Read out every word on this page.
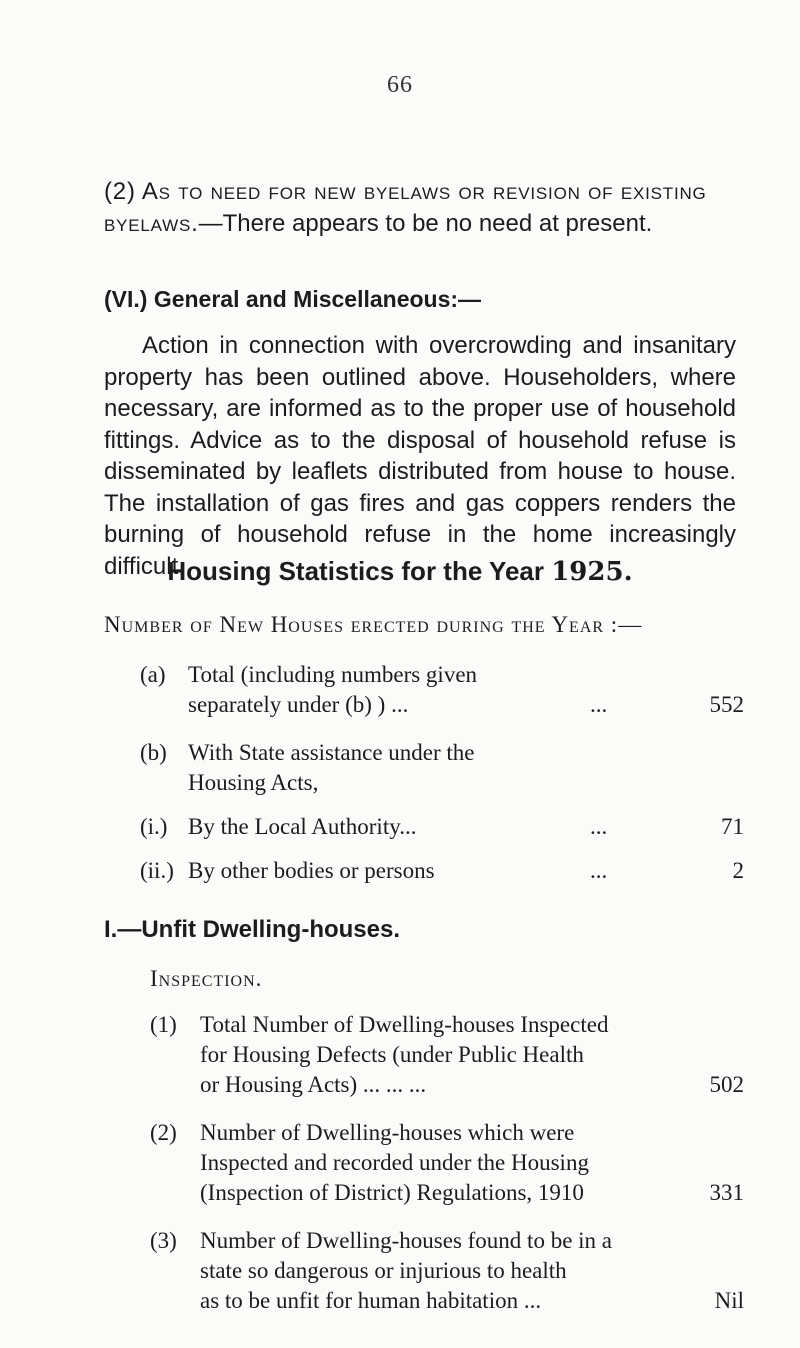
66
(2) As to need for new byelaws or revision of existing byelaws.—There appears to be no need at present.
(VI.) General and Miscellaneous:—
Action in connection with overcrowding and insanitary property has been outlined above. Householders, where necessary, are informed as to the proper use of household fittings. Advice as to the disposal of household refuse is disseminated by leaflets distributed from house to house. The installation of gas fires and gas coppers renders the burning of household refuse in the home increasingly difficult.
Housing Statistics for the Year 1925.
Number of New Houses erected during the Year :—
(a) Total (including numbers given
separately under (b) ) ...	...	552
(b) With State assistance under the
Housing Acts,
(i.) By the Local Authority...	...	71
(ii.) By other bodies or persons	...	2
I.—Unfit Dwelling-houses.
Inspection.
(1) Total Number of Dwelling-houses Inspected
for Housing Defects (under Public Health
or Housing Acts) ... ... ...	502
(2) Number of Dwelling-houses which were
Inspected and recorded under the Housing
(Inspection of District) Regulations, 1910	331
(3) Number of Dwelling-houses found to be in a
state so dangerous or injurious to health
as to be unfit for human habitation ...	Nil
